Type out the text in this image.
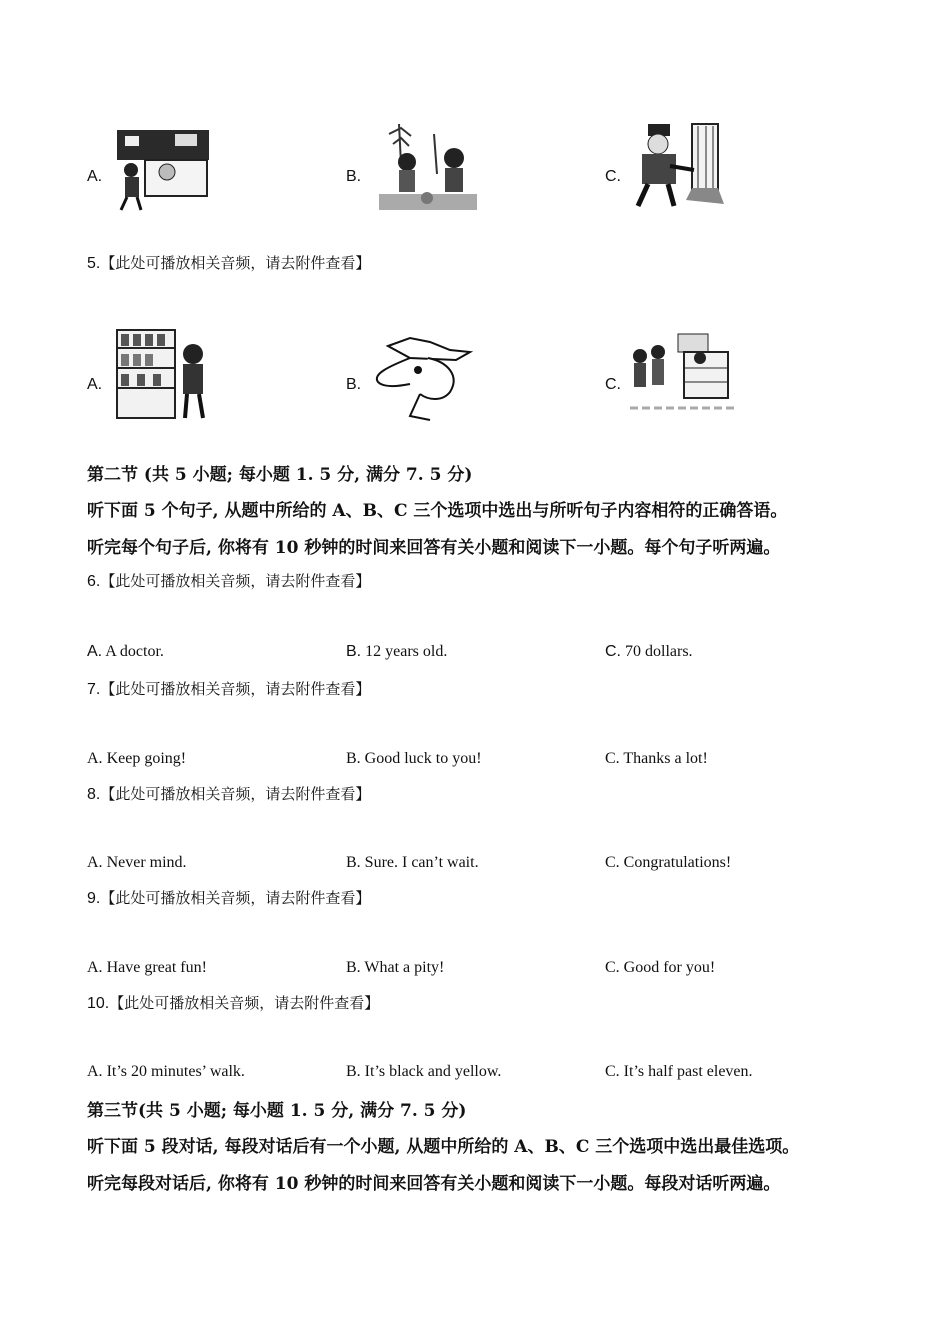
A.	B.	C.
5.【此处可播放相关音频，请去附件查看】
A.	B.	C.
第二节 (共 5 小题; 每小题 1. 5 分, 满分 7. 5 分)
听下面 5 个句子, 从题中所给的 A、B、C 三个选项中选出与所听句子内容相符的正确答语。
听完每个句子后, 你将有 10 秒钟的时间来回答有关小题和阅读下一小题。每个句子听两遍。
6.【此处可播放相关音频，请去附件查看】
A. A doctor.	B. 12 years old.	C. 70 dollars.
7.【此处可播放相关音频，请去附件查看】
A. Keep going!	B. Good luck to you!	C. Thanks a lot!
8.【此处可播放相关音频，请去附件查看】
A. Never mind.	B. Sure. I can’t wait.	C. Congratulations!
9.【此处可播放相关音频，请去附件查看】
A. Have great fun!	B. What a pity!	C. Good for you!
10.【此处可播放相关音频，请去附件查看】
A. It’s 20 minutes’ walk.	B. It’s black and yellow.	C. It’s half past eleven.
第三节(共 5 小题; 每小题 1. 5 分, 满分 7. 5 分)
听下面 5 段对话, 每段对话后有一个小题, 从题中所给的 A、B、C 三个选项中选出最佳选项。
听完每段对话后, 你将有 10 秒钟的时间来回答有关小题和阅读下一小题。每段对话听两遍。
